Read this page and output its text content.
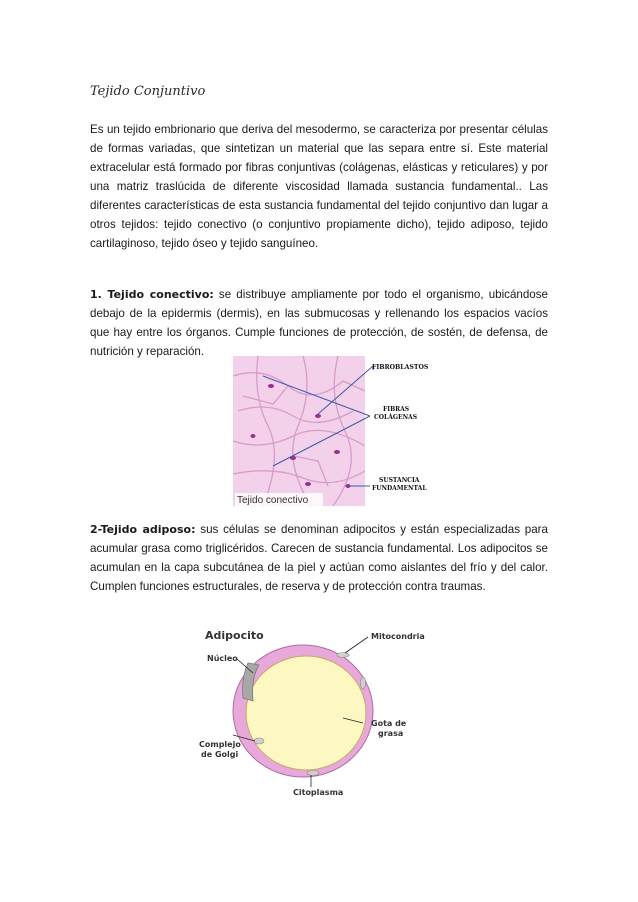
Tejido Conjuntivo

Es un tejido embrionario que deriva del mesodermo, se caracteriza por presentar células de formas variadas, que sintetizan un material que las separa entre sí. Este material extracelular está formado por fibras conjuntivas (colágenas, elásticas y reticulares) y por una matriz traslúcida de diferente viscosidad llamada sustancia fundamental.. Las diferentes características de esta sustancia fundamental del tejido conjuntivo dan lugar a otros tejidos: tejido conectivo (o conjuntivo propiamente dicho), tejido adiposo, tejido cartilaginoso, tejido óseo y tejido sanguíneo.

1. Tejido conectivo: se distribuye ampliamente por todo el organismo, ubicándose debajo de la epidermis (dermis), en las submucosas y rellenando los espacios vacíos que hay entre los órganos. Cumple funciones de protección, de sostén, de defensa, de nutrición y reparación.

FIBROBLASTOS
FIBRAS
COLÁGENAS
SUSTANCIA
FUNDAMENTAL
Tejido conectivo

2-Tejido adiposo: sus células se denominan adipocitos y están especializadas para acumular grasa como triglicéridos. Carecen de sustancia fundamental. Los adipocitos se acumulan en la capa subcutánea de la piel y actúan como aislantes del frío y del calor. Cumplen funciones estructurales, de reserva y de protección contra traumas.

Adipocito
Núcleo
Mitocondria
Gota de
grasa
Complejo
de Golgi
Citoplasma
